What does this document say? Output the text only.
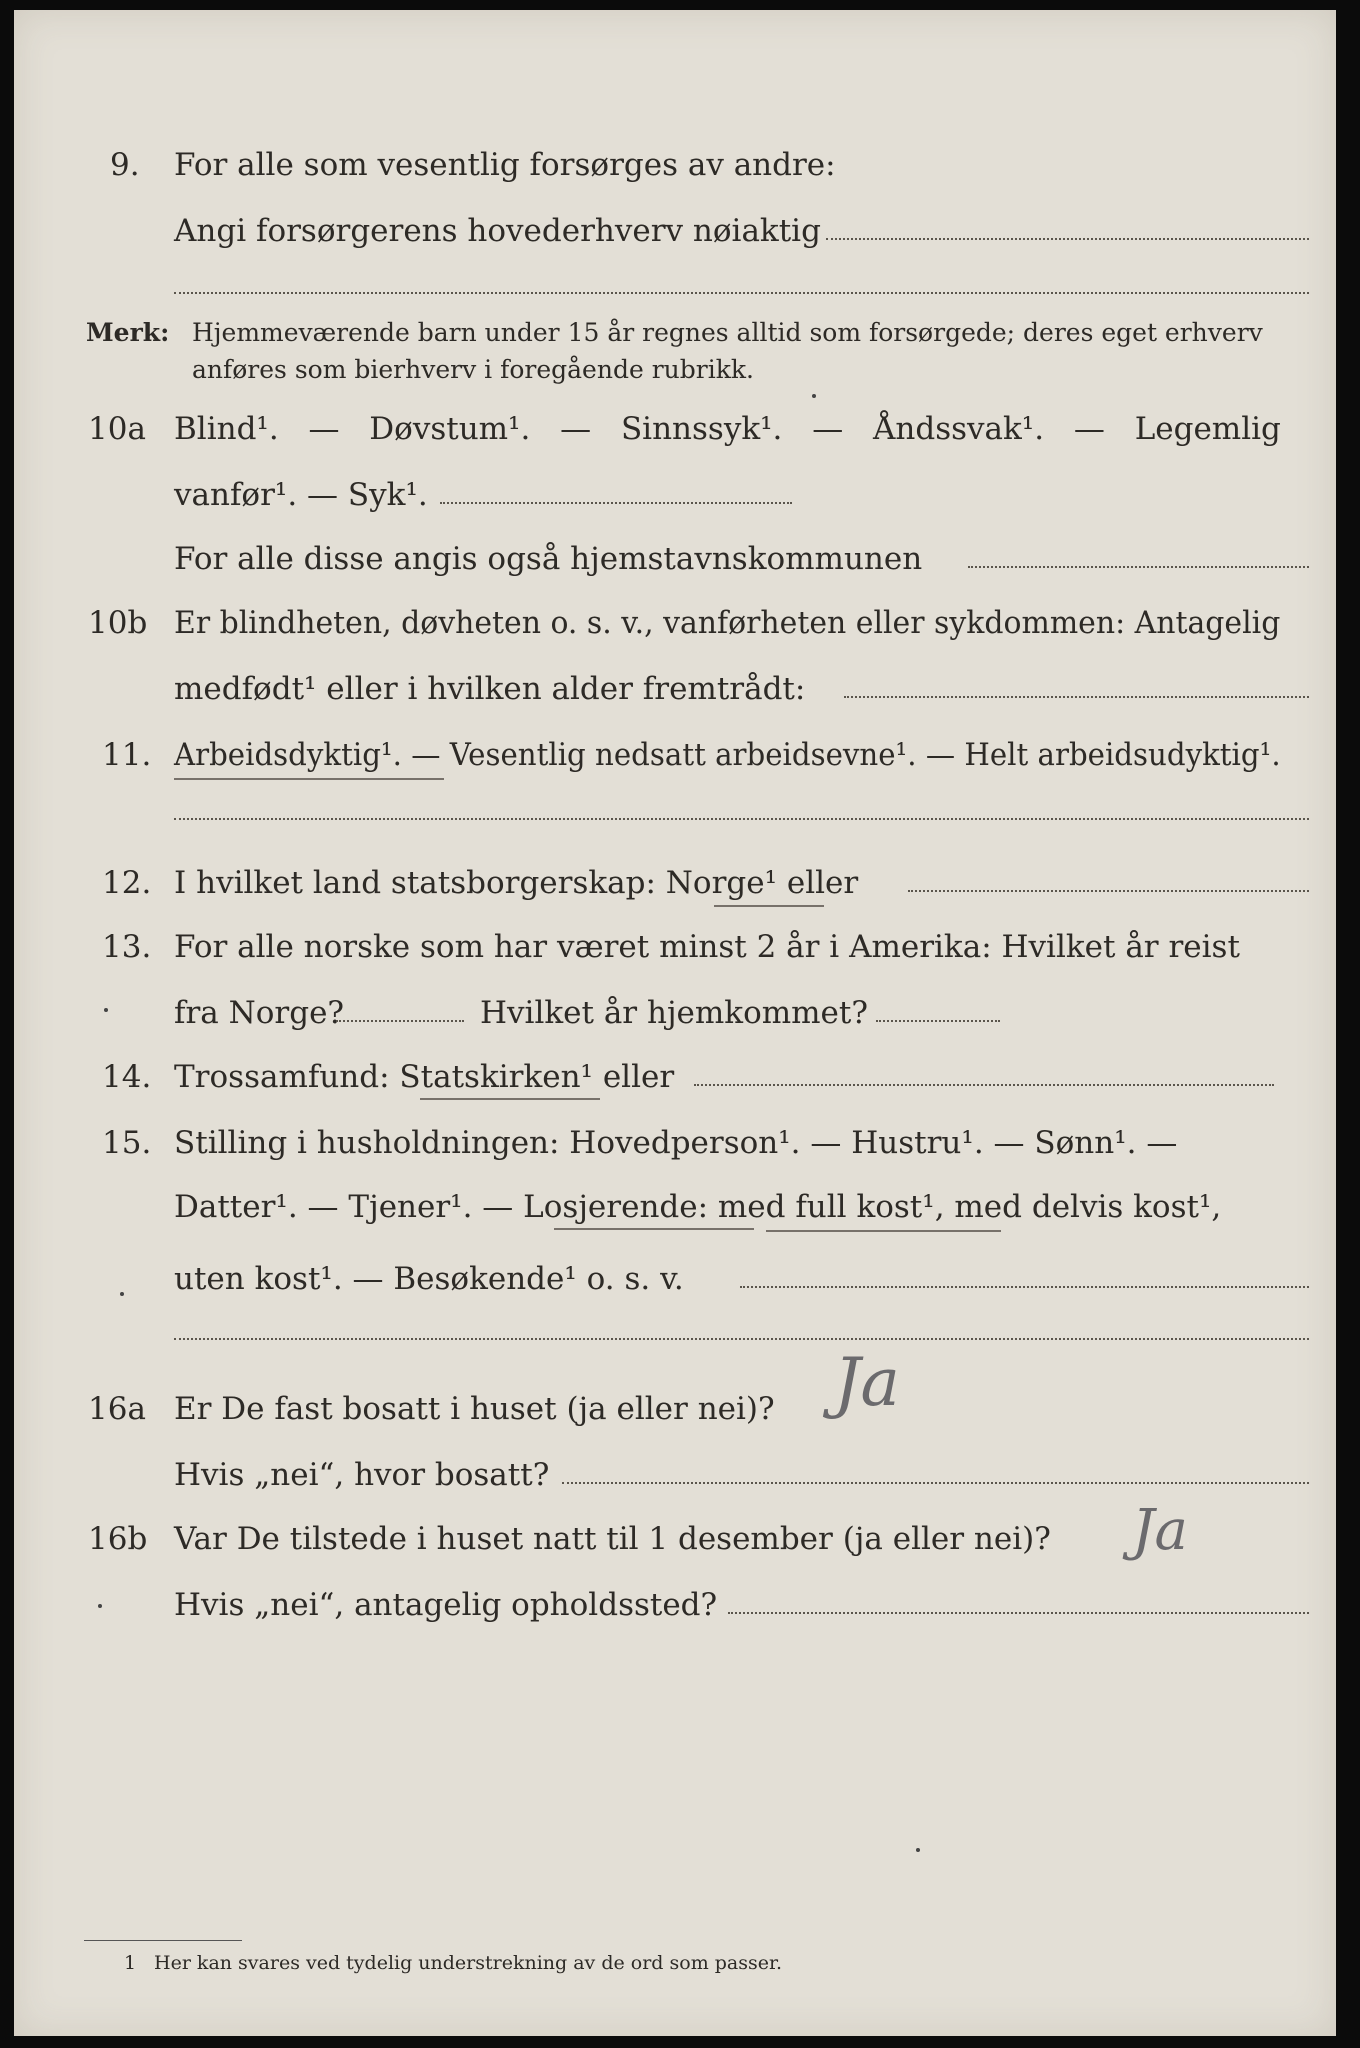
9. For alle som vesentlig forsørges av andre:
Angi forsørgerens hovederhverv nøiaktig
Merk: Hjemmeværende barn under 15 år regnes alltid som forsørgede; deres eget erhverv
anføres som bierhverv i foregående rubrikk.
10a Blind¹. — Døvstum¹. — Sinnssyk¹. — Åndssvak¹. — Legemlig
vanfør¹. — Syk¹.
For alle disse angis også hjemstavnskommunen
10b Er blindheten, døvheten o. s. v., vanførheten eller sykdommen: Antagelig
medfødt¹ eller i hvilken alder fremtrådt:
11. Arbeidsdyktig¹. — Vesentlig nedsatt arbeidsevne¹. — Helt arbeidsudyktig¹.
12. I hvilket land statsborgerskap: Norge¹ eller
13. For alle norske som har været minst 2 år i Amerika: Hvilket år reist
fra Norge?	Hvilket år hjemkommet?
14. Trossamfund: Statskirken¹ eller
15. Stilling i husholdningen: Hovedperson¹. — Hustru¹. — Sønn¹. —
Datter¹. — Tjener¹. — Losjerende: med full kost¹, med delvis kost¹,
uten kost¹. — Besøkende¹ o. s. v.
16a Er De fast bosatt i huset (ja eller nei)? Ja
Hvis „nei“, hvor bosatt?
16b Var De tilstede i huset natt til 1 desember (ja eller nei)? Ja
Hvis „nei“, antagelig opholdssted?
1 Her kan svares ved tydelig understrekning av de ord som passer.
